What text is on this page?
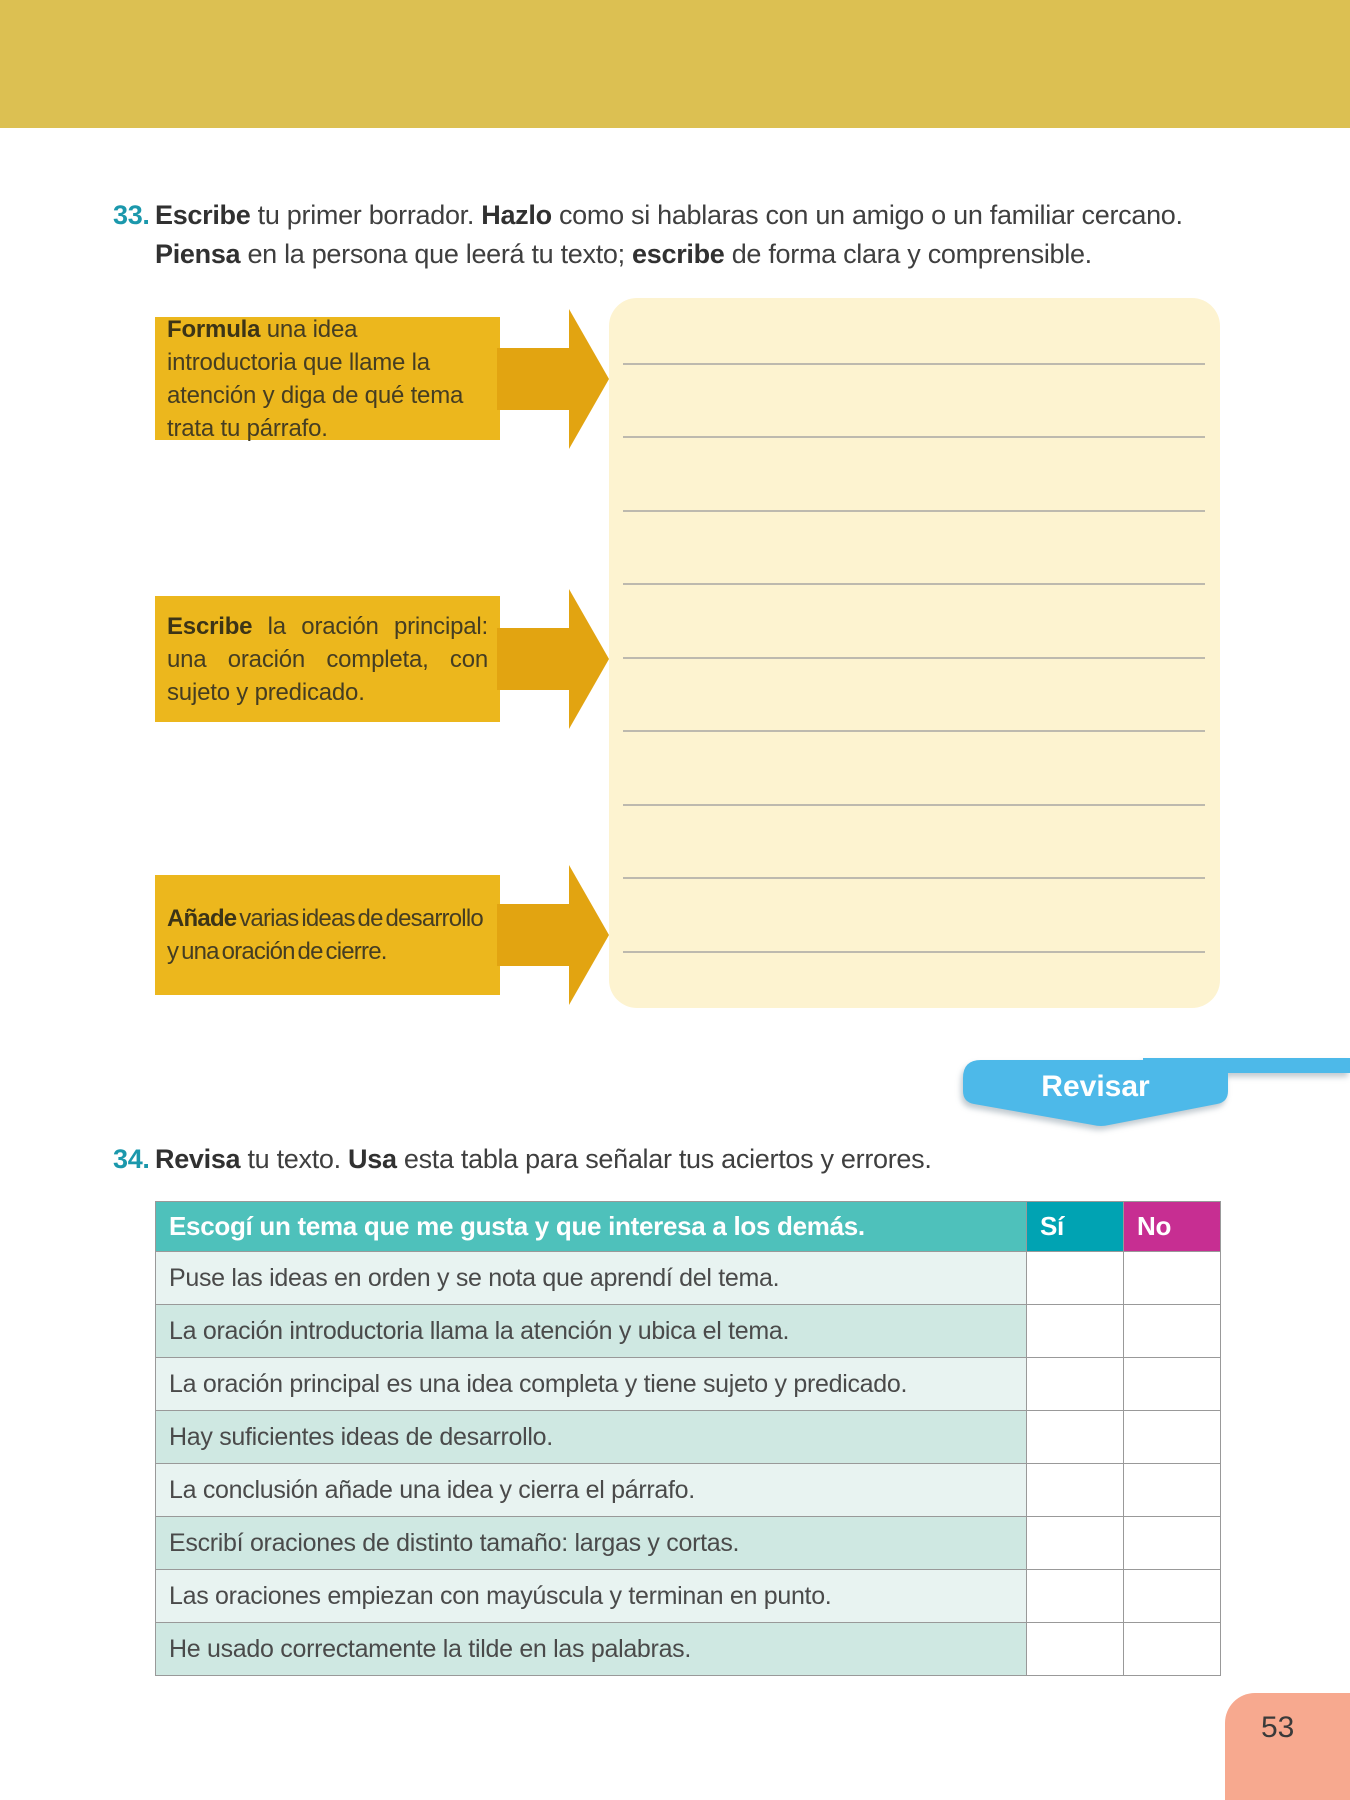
33. Escribe tu primer borrador. Hazlo como si hablaras con un amigo o un familiar cercano. Piensa en la persona que leerá tu texto; escribe de forma clara y comprensible.

Formula una idea introductoria que llame la atención y diga de qué tema trata tu párrafo.

Escribe la oración principal: una oración completa, con sujeto y predicado.

Añade varias ideas de desarrollo y una oración de cierre.

Revisar
34. Revisa tu texto. Usa esta tabla para señalar tus aciertos y errores.
Escogí un tema que me gusta y que interesa a los demás.	Sí	No
Puse las ideas en orden y se nota que aprendí del tema.		
La oración introductoria llama la atención y ubica el tema.		
La oración principal es una idea completa y tiene sujeto y predicado.		
Hay suficientes ideas de desarrollo.		
La conclusión añade una idea y cierra el párrafo.		
Escribí oraciones de distinto tamaño: largas y cortas.		
Las oraciones empiezan con mayúscula y terminan en punto.		
He usado correctamente la tilde en las palabras.		
53
